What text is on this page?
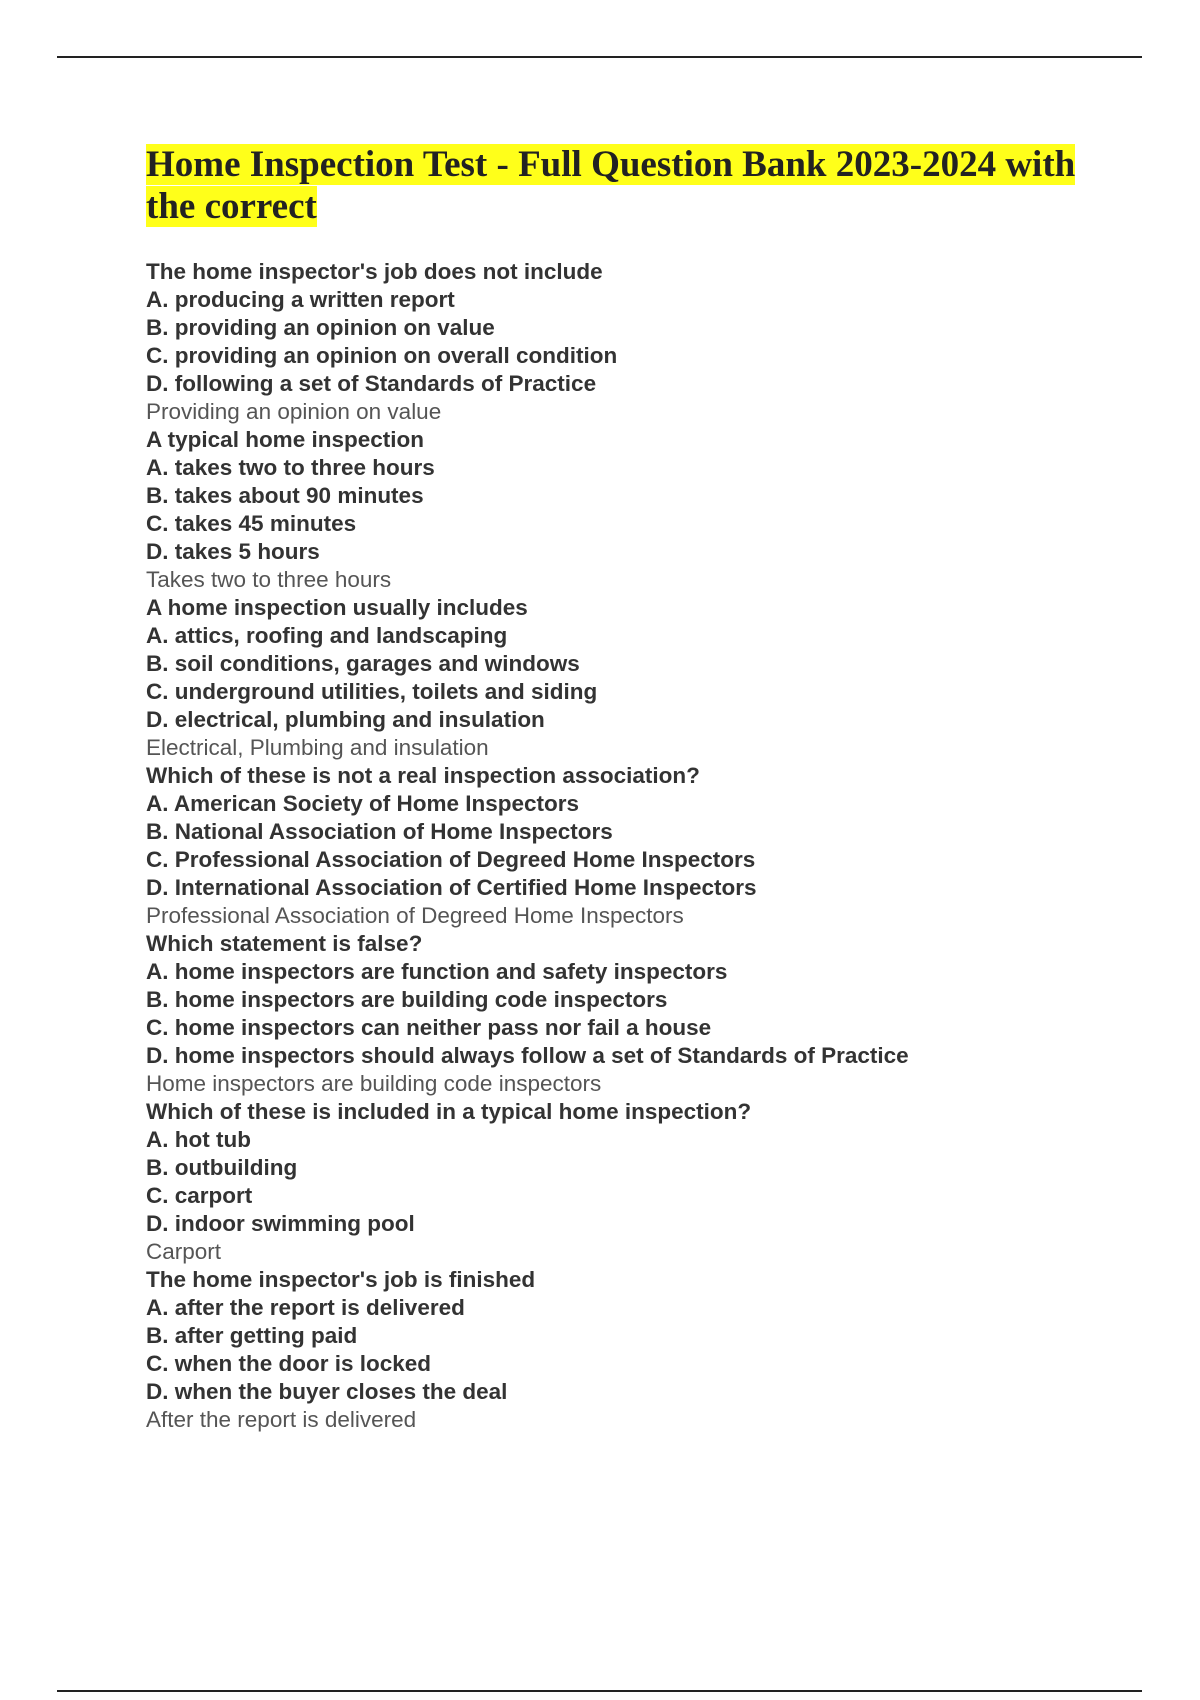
Home Inspection Test - Full Question Bank 2023-2024 with the correct
The home inspector's job does not include
A. producing a written report
B. providing an opinion on value
C. providing an opinion on overall condition
D. following a set of Standards of Practice
Providing an opinion on value
A typical home inspection
A. takes two to three hours
B. takes about 90 minutes
C. takes 45 minutes
D. takes 5 hours
Takes two to three hours
A home inspection usually includes
A. attics, roofing and landscaping
B. soil conditions, garages and windows
C. underground utilities, toilets and siding
D. electrical, plumbing and insulation
Electrical, Plumbing and insulation
Which of these is not a real inspection association?
A. American Society of Home Inspectors
B. National Association of Home Inspectors
C. Professional Association of Degreed Home Inspectors
D. International Association of Certified Home Inspectors
Professional Association of Degreed Home Inspectors
Which statement is false?
A. home inspectors are function and safety inspectors
B. home inspectors are building code inspectors
C. home inspectors can neither pass nor fail a house
D. home inspectors should always follow a set of Standards of Practice
Home inspectors are building code inspectors
Which of these is included in a typical home inspection?
A. hot tub
B. outbuilding
C. carport
D. indoor swimming pool
Carport
The home inspector's job is finished
A. after the report is delivered
B. after getting paid
C. when the door is locked
D. when the buyer closes the deal
After the report is delivered
